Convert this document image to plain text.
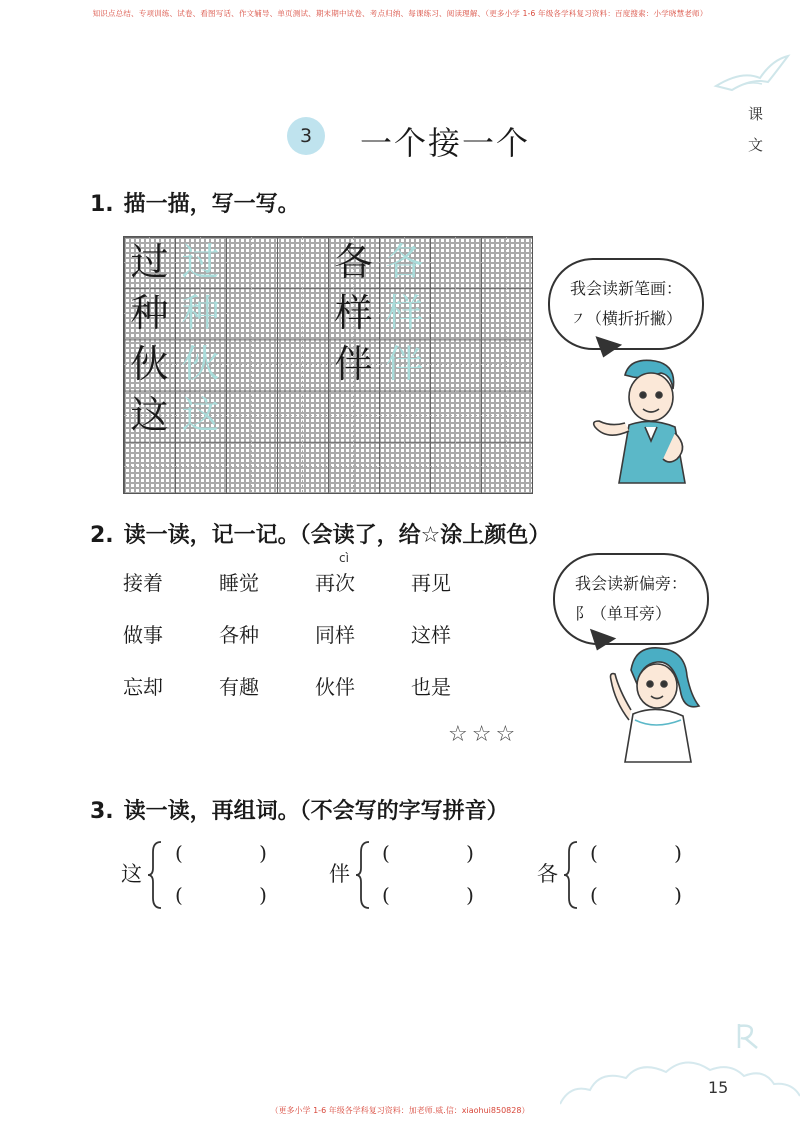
知识点总结、专项训练、试卷、看图写话、作文辅导、单页测试、期末期中试卷、考点归纳、每课练习、阅读理解、（更多小学 1-6 年级各学科复习资料：百度搜索：小学晓慧老师）
课
文
3	一个接一个
1. 描一描，写一写。
过 过
种 种
伙 伙
这 这
各 各
样 样
伴 伴
我会读新笔画：
㇇（横折折撇）
2. 读一读，记一记。（会读了，给☆涂上颜色）
cì
接着	睡觉	再次	再见
做事	各种	同样	这样
忘却	有趣	伙伴	也是
☆☆☆
我会读新偏旁：
阝（单耳旁）
3. 读一读，再组词。（不会写的字写拼音）
这
(            )
(            )
伴
(            )
(            )
各
(            )
(            )
15
（更多小学 1-6 年级各学科复习资料：加老师.威.信：xiaohui850828）
